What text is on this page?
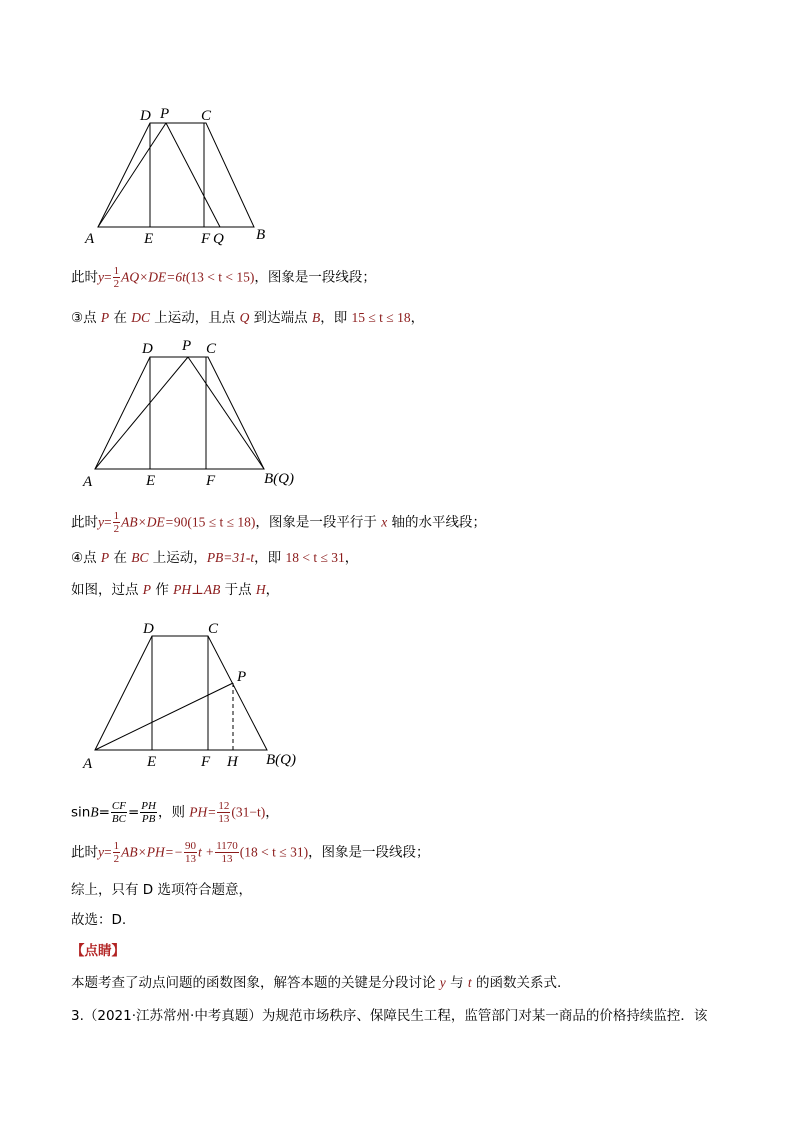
D P C
A	E	F Q B
此时$y= \frac{1}{2} AQ\times DE=6t(13 < t < 15)$，图象是一段线段；
③点 P 在 DC 上运动，且点 Q 到达端点 B，即 15 ≤ t ≤ 18，
D P C
A	E	F	B(Q)
此时$y= \frac{1}{2} AB\times DE=90(15 \le t \le 18)$，图象是一段平行于 x 轴的水平线段；
④点 P 在 BC 上运动，PB=31-t，即 18 < t ≤ 31，
如图，过点 P 作 PH⊥AB 于点 H，
D	C
P
A	E	F H B(Q)
$\sin B= \frac{CF}{BC} = \frac{PH}{PB}$ ，则 $PH= \frac{12}{13} (31-t)$，
此时$y= \frac{1}{2} AB\times PH=- \frac{90}{13}$ $t + \frac{1170}{13} (18 < t \le 31)$，图象是一段线段；
综上，只有 D 选项符合题意，
故选：D.
【点睛】
本题考查了动点问题的函数图象，解答本题的关键是分段讨论 y 与 t 的函数关系式.
3.（2021·江苏常州·中考真题）为规范市场秩序、保障民生工程，监管部门对某一商品的价格持续监控．该
